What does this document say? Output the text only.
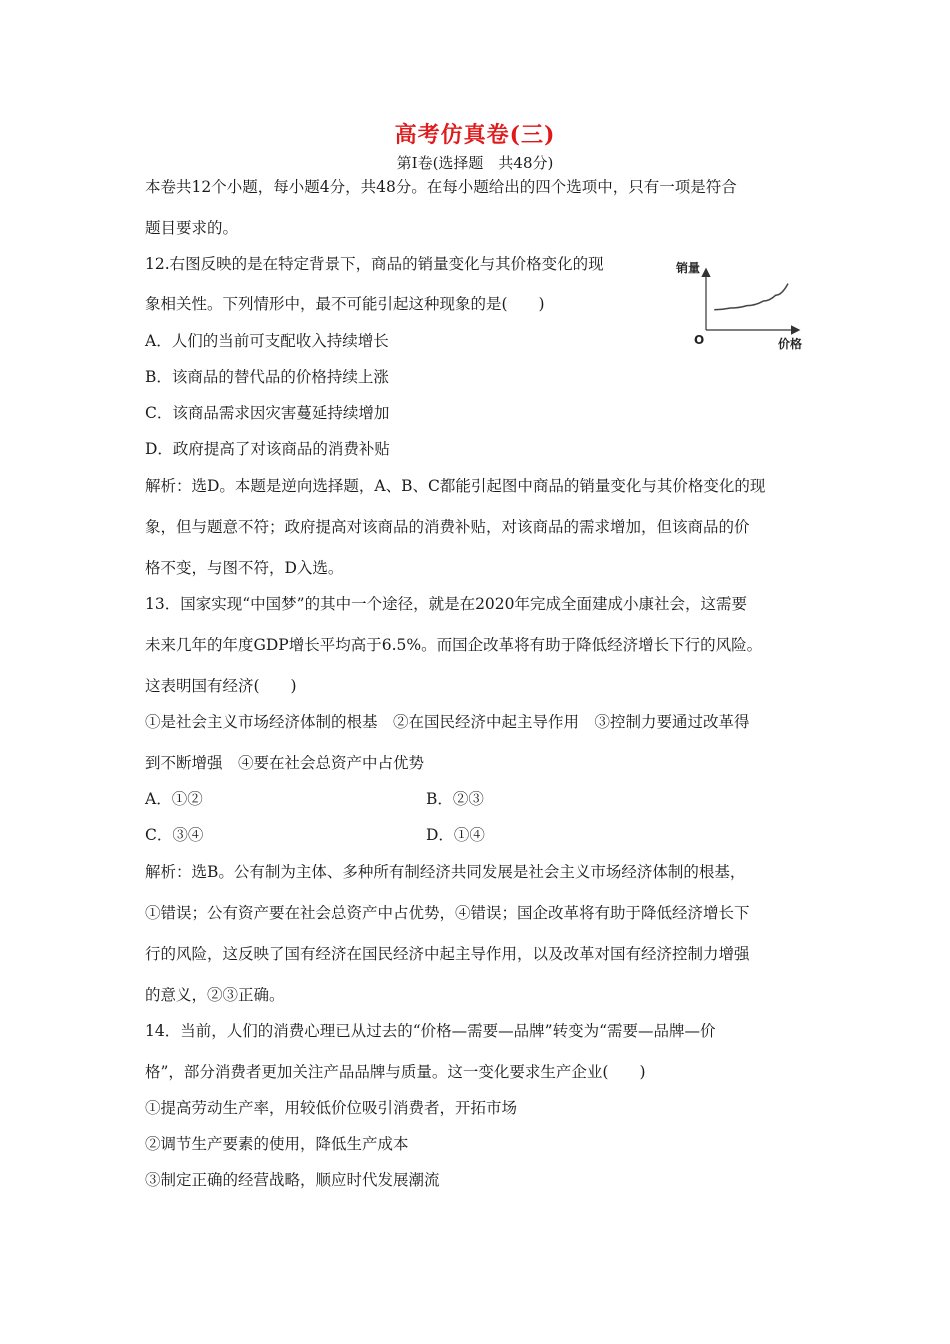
高考仿真卷(三)
第Ⅰ卷(选择题　共48分)
本卷共12个小题，每小题4分，共48分。在每小题给出的四个选项中，只有一项是符合
题目要求的。
12.右图反映的是在特定背景下，商品的销量变化与其价格变化的现
象相关性。下列情形中，最不可能引起这种现象的是(　　)
A．人们的当前可支配收入持续增长
B．该商品的替代品的价格持续上涨
C．该商品需求因灾害蔓延持续增加
D．政府提高了对该商品的消费补贴
解析：选D。本题是逆向选择题，A、B、C都能引起图中商品的销量变化与其价格变化的现
象，但与题意不符；政府提高对该商品的消费补贴，对该商品的需求增加，但该商品的价
格不变，与图不符，D入选。
销量
价格
O
13．国家实现“中国梦”的其中一个途径，就是在2020年完成全面建成小康社会，这需要
未来几年的年度GDP增长平均高于6.5%。而国企改革将有助于降低经济增长下行的风险。
这表明国有经济(　　)
①是社会主义市场经济体制的根基　②在国民经济中起主导作用　③控制力要通过改革得
到不断增强　④要在社会总资产中占优势
A．①②	B．②③
C．③④	D．①④
解析：选B。公有制为主体、多种所有制经济共同发展是社会主义市场经济体制的根基，
①错误；公有资产要在社会总资产中占优势，④错误；国企改革将有助于降低经济增长下
行的风险，这反映了国有经济在国民经济中起主导作用，以及改革对国有经济控制力增强
的意义，②③正确。
14．当前，人们的消费心理已从过去的“价格—需要—品牌”转变为“需要—品牌—价
格”，部分消费者更加关注产品品牌与质量。这一变化要求生产企业(　　)
①提高劳动生产率，用较低价位吸引消费者，开拓市场
②调节生产要素的使用，降低生产成本
③制定正确的经营战略，顺应时代发展潮流
